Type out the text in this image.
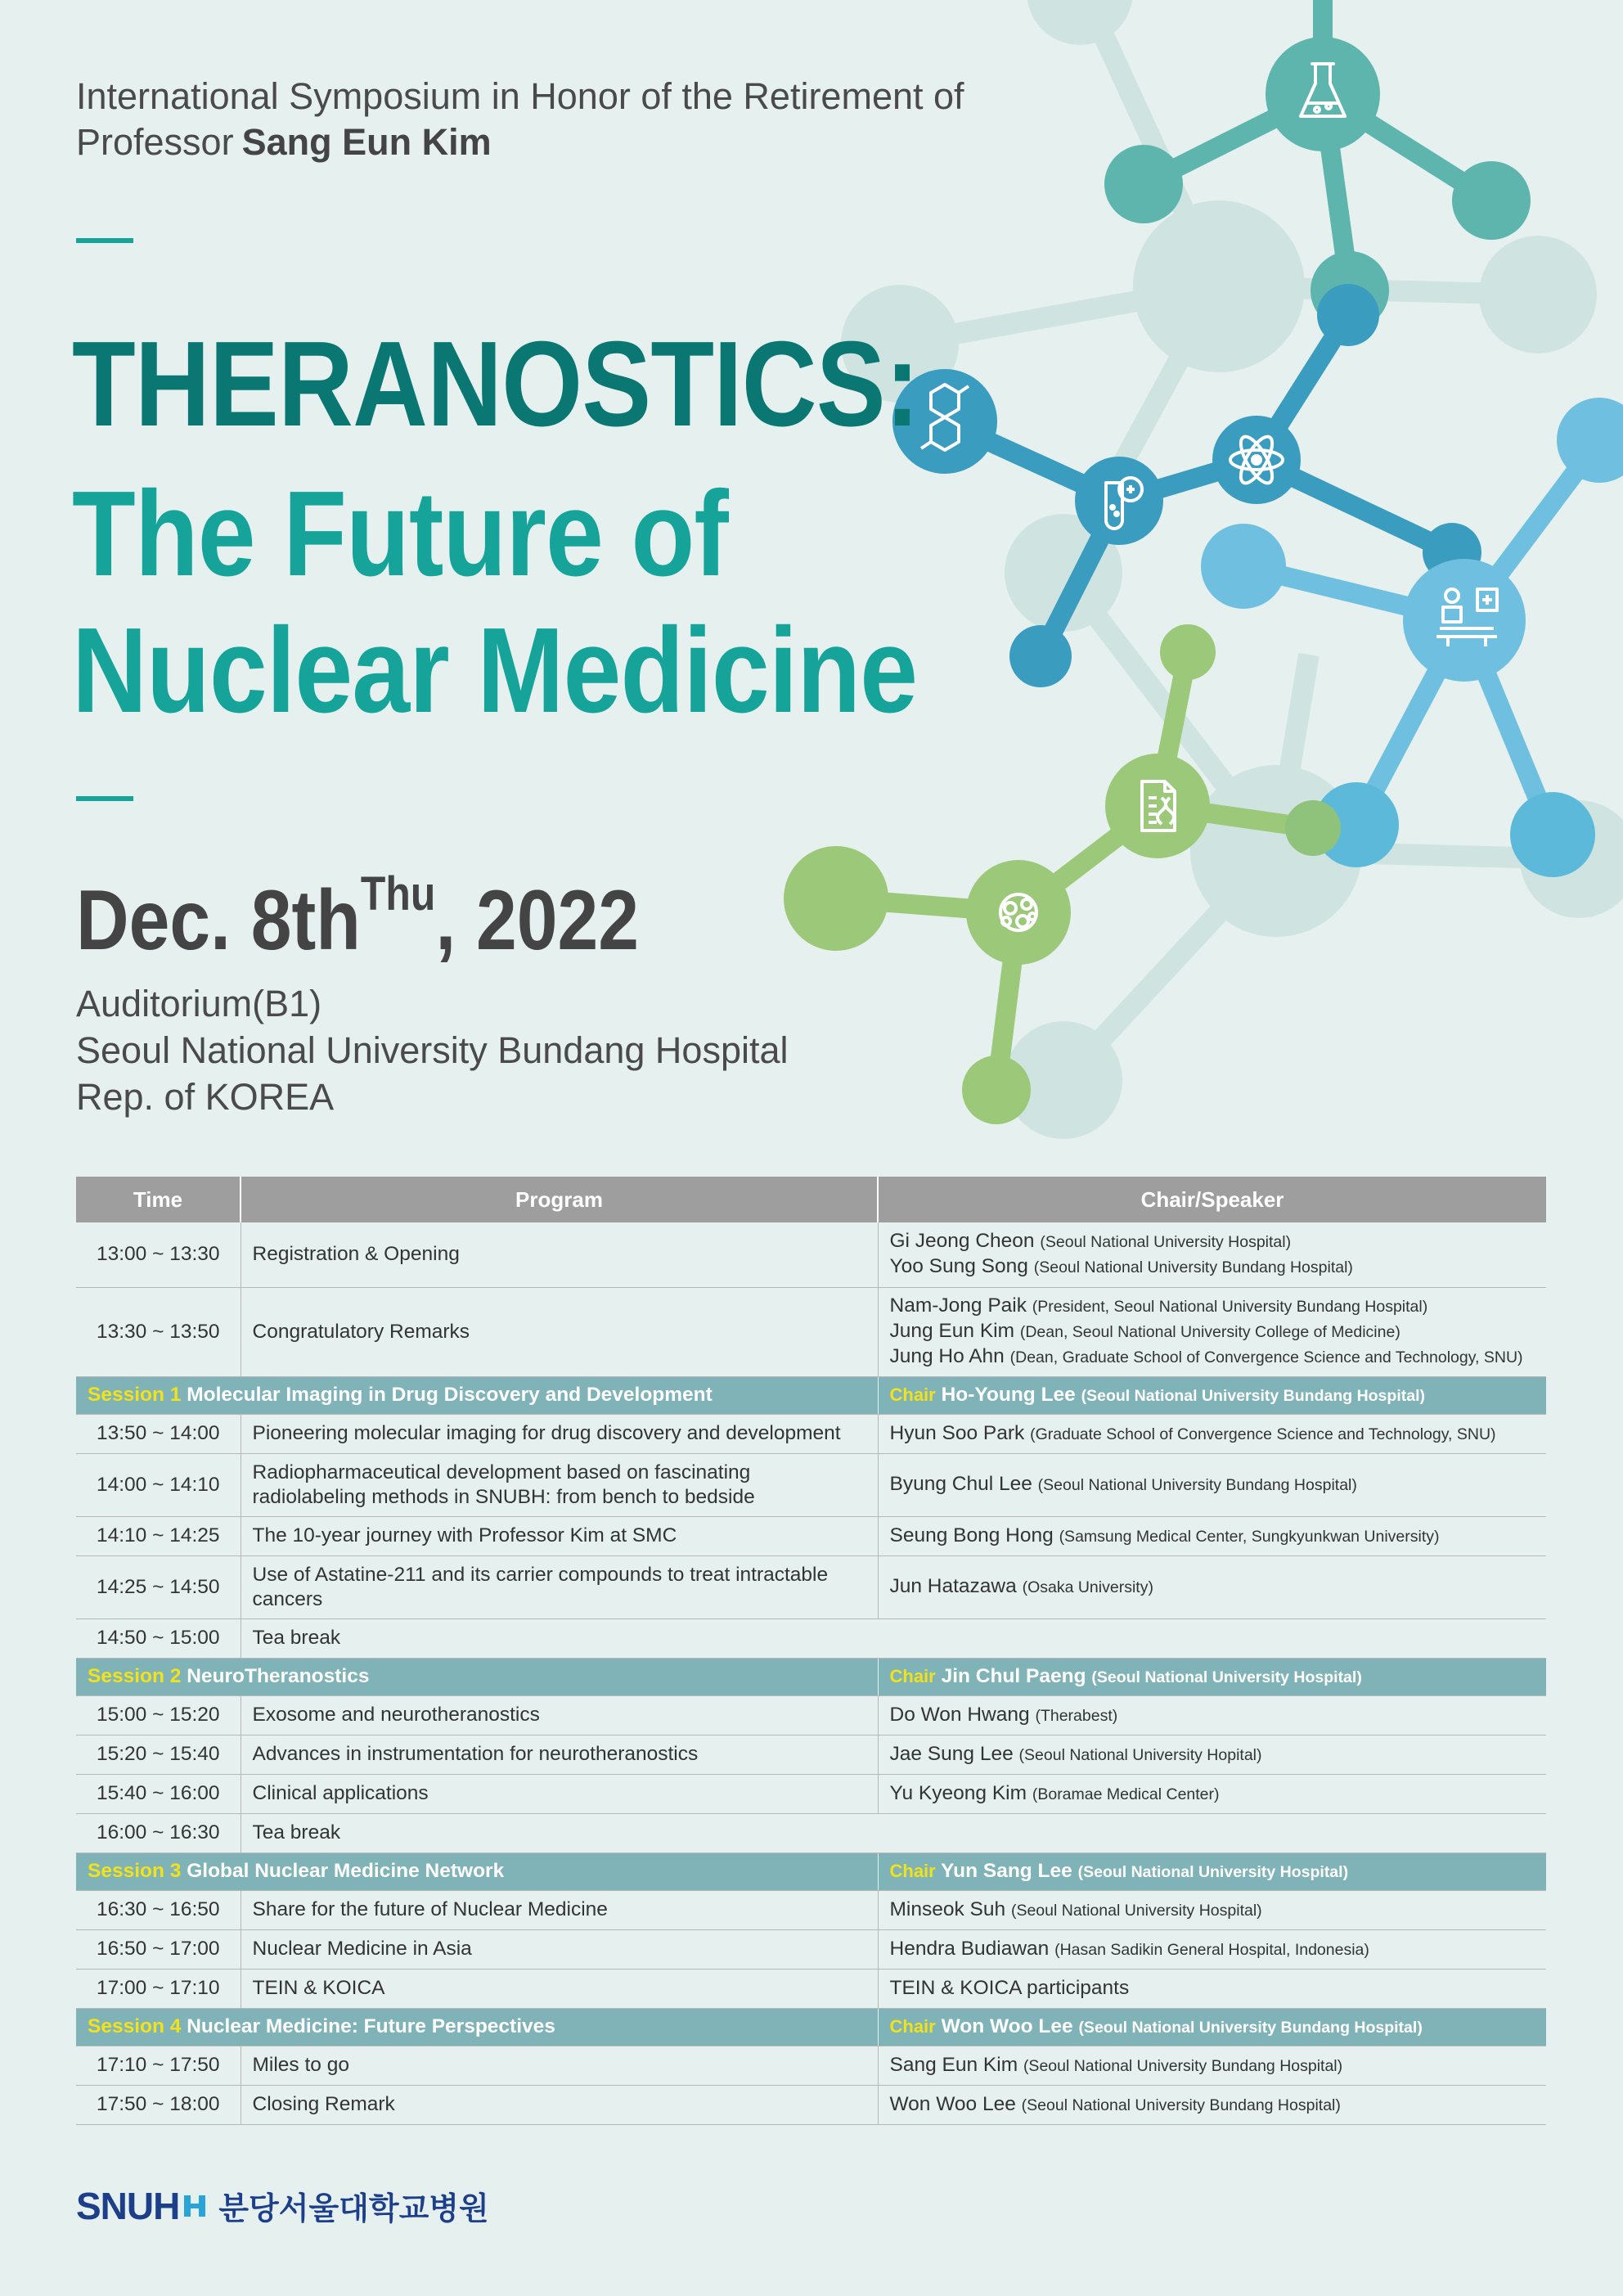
International Symposium in Honor of the Retirement of
Professor Sang Eun Kim
THERANOSTICS:
The Future of
Nuclear Medicine
Dec. $8th^{Thu}$, 2022
Auditorium(B1)
Seoul National University Bundang Hospital
Rep. of KOREA
Time	Program	Chair/Speaker
13:00 ~ 13:30	Registration & Opening	Gi Jeong Cheon (Seoul National University Hospital)
Yoo Sung Song (Seoul National University Bundang Hospital)

13:30 ~ 13:50	Congratulatory Remarks	Nam-Jong Paik (President, Seoul National University Bundang Hospital)
Jung Eun Kim (Dean, Seoul National University College of Medicine)
Jung Ho Ahn (Dean, Graduate School of Convergence Science and Technology, SNU)

Session 1 Molecular Imaging in Drug Discovery and Development		Chair Ho-Young Lee (Seoul National University Bundang Hospital)
13:50 ~ 14:00	Pioneering molecular imaging for drug discovery and development	Hyun Soo Park (Graduate School of Convergence Science and Technology, SNU)

14:00 ~ 14:10	Radiopharmaceutical development based on fascinating radiolabeling methods in SNUBH: from bench to bedside	Byung Chul Lee (Seoul National University Bundang Hospital)

14:10 ~ 14:25	The 10-year journey with Professor Kim at SMC	Seung Bong Hong (Samsung Medical Center, Sungkyunkwan University)

14:25 ~ 14:50	Use of Astatine-211 and its carrier compounds to treat intractable cancers	Jun Hatazawa (Osaka University)

14:50 ~ 15:00	Tea break	
Session 2 NeuroTheranostics		Chair Jin Chul Paeng (Seoul National University Hospital)
15:00 ~ 15:20	Exosome and neurotheranostics	Do Won Hwang (Therabest)

15:20 ~ 15:40	Advances in instrumentation for neurotheranostics	Jae Sung Lee (Seoul National University Hopital)

15:40 ~ 16:00	Clinical applications	Yu Kyeong Kim (Boramae Medical Center)

16:00 ~ 16:30	Tea break	
Session 3 Global Nuclear Medicine Network		Chair Yun Sang Lee (Seoul National University Hospital)
16:30 ~ 16:50	Share for the future of Nuclear Medicine	Minseok Suh (Seoul National University Hospital)

16:50 ~ 17:00	Nuclear Medicine in Asia	Hendra Budiawan (Hasan Sadikin General Hospital, Indonesia)

17:00 ~ 17:10	TEIN & KOICA	TEIN & KOICA participants

Session 4 Nuclear Medicine: Future Perspectives		Chair Won Woo Lee (Seoul National University Bundang Hospital)
17:10 ~ 17:50	Miles to go	Sang Eun Kim (Seoul National University Bundang Hospital)

17:50 ~ 18:00	Closing Remark	Won Woo Lee (Seoul National University Bundang Hospital)
SNUH 분당서울대학교병원
